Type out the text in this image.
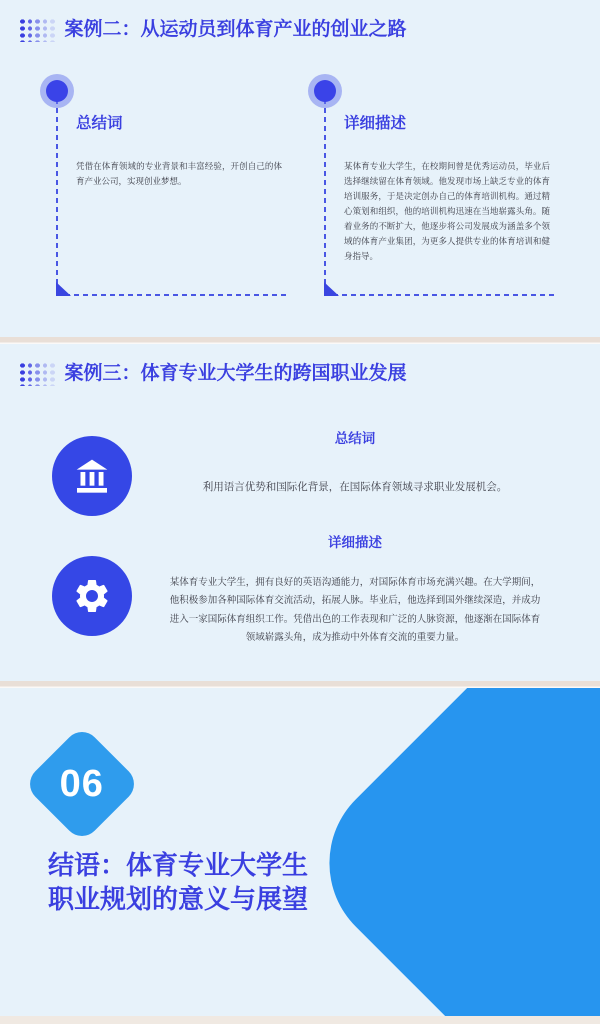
案例二：从运动员到体育产业的创业之路
总结词
凭借在体育领域的专业背景和丰富经验，开创自己的体育产业公司，实现创业梦想。
详细描述
某体育专业大学生，在校期间曾是优秀运动员，毕业后选择继续留在体育领域。他发现市场上缺乏专业的体育培训服务，于是决定创办自己的体育培训机构。通过精心策划和组织，他的培训机构迅速在当地崭露头角。随着业务的不断扩大，他逐步将公司发展成为涵盖多个领域的体育产业集团，为更多人提供专业的体育培训和健身指导。
案例三：体育专业大学生的跨国职业发展
总结词
利用语言优势和国际化背景，在国际体育领域寻求职业发展机会。
详细描述
某体育专业大学生，拥有良好的英语沟通能力，对国际体育市场充满兴趣。在大学期间，他积极参加各种国际体育交流活动，拓展人脉。毕业后，他选择到国外继续深造，并成功进入一家国际体育组织工作。凭借出色的工作表现和广泛的人脉资源，他逐渐在国际体育领域崭露头角，成为推动中外体育交流的重要力量。
06
结语：体育专业大学生
职业规划的意义与展望
